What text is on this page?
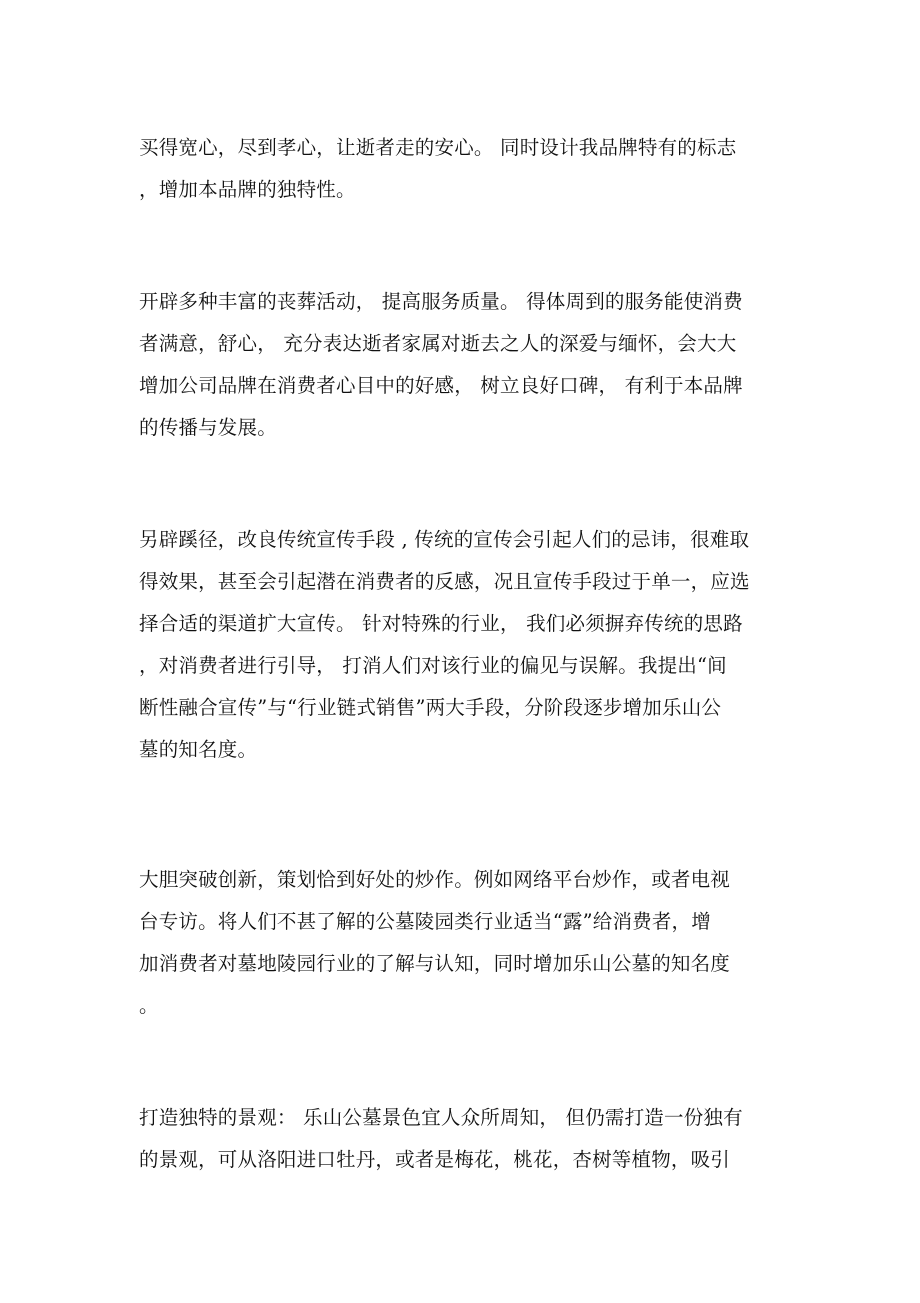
买得宽心，尽到孝心，让逝者走的安心。 同时设计我品牌特有的标志
，增加本品牌的独特性。
开辟多种丰富的丧葬活动， 提高服务质量。 得体周到的服务能使消费
者满意，舒心， 充分表达逝者家属对逝去之人的深爱与缅怀，会大大
增加公司品牌在消费者心目中的好感， 树立良好口碑， 有利于本品牌
的传播与发展。
另辟蹊径，改良传统宣传手段 , 传统的宣传会引起人们的忌讳，很难取
得效果，甚至会引起潜在消费者的反感，况且宣传手段过于单一，应选
择合适的渠道扩大宣传。 针对特殊的行业， 我们必须摒弃传统的思路
，对消费者进行引导， 打消人们对该行业的偏见与误解。我提出“间
断性融合宣传”与“行业链式销售”两大手段，分阶段逐步增加乐山公
墓的知名度。
大胆突破创新，策划恰到好处的炒作。例如网络平台炒作，或者电视
台专访。将人们不甚了解的公墓陵园类行业适当“露”给消费者，增
加消费者对墓地陵园行业的了解与认知，同时增加乐山公墓的知名度
。
打造独特的景观： 乐山公墓景色宜人众所周知， 但仍需打造一份独有
的景观，可从洛阳进口牡丹，或者是梅花，桃花，杏树等植物，吸引
